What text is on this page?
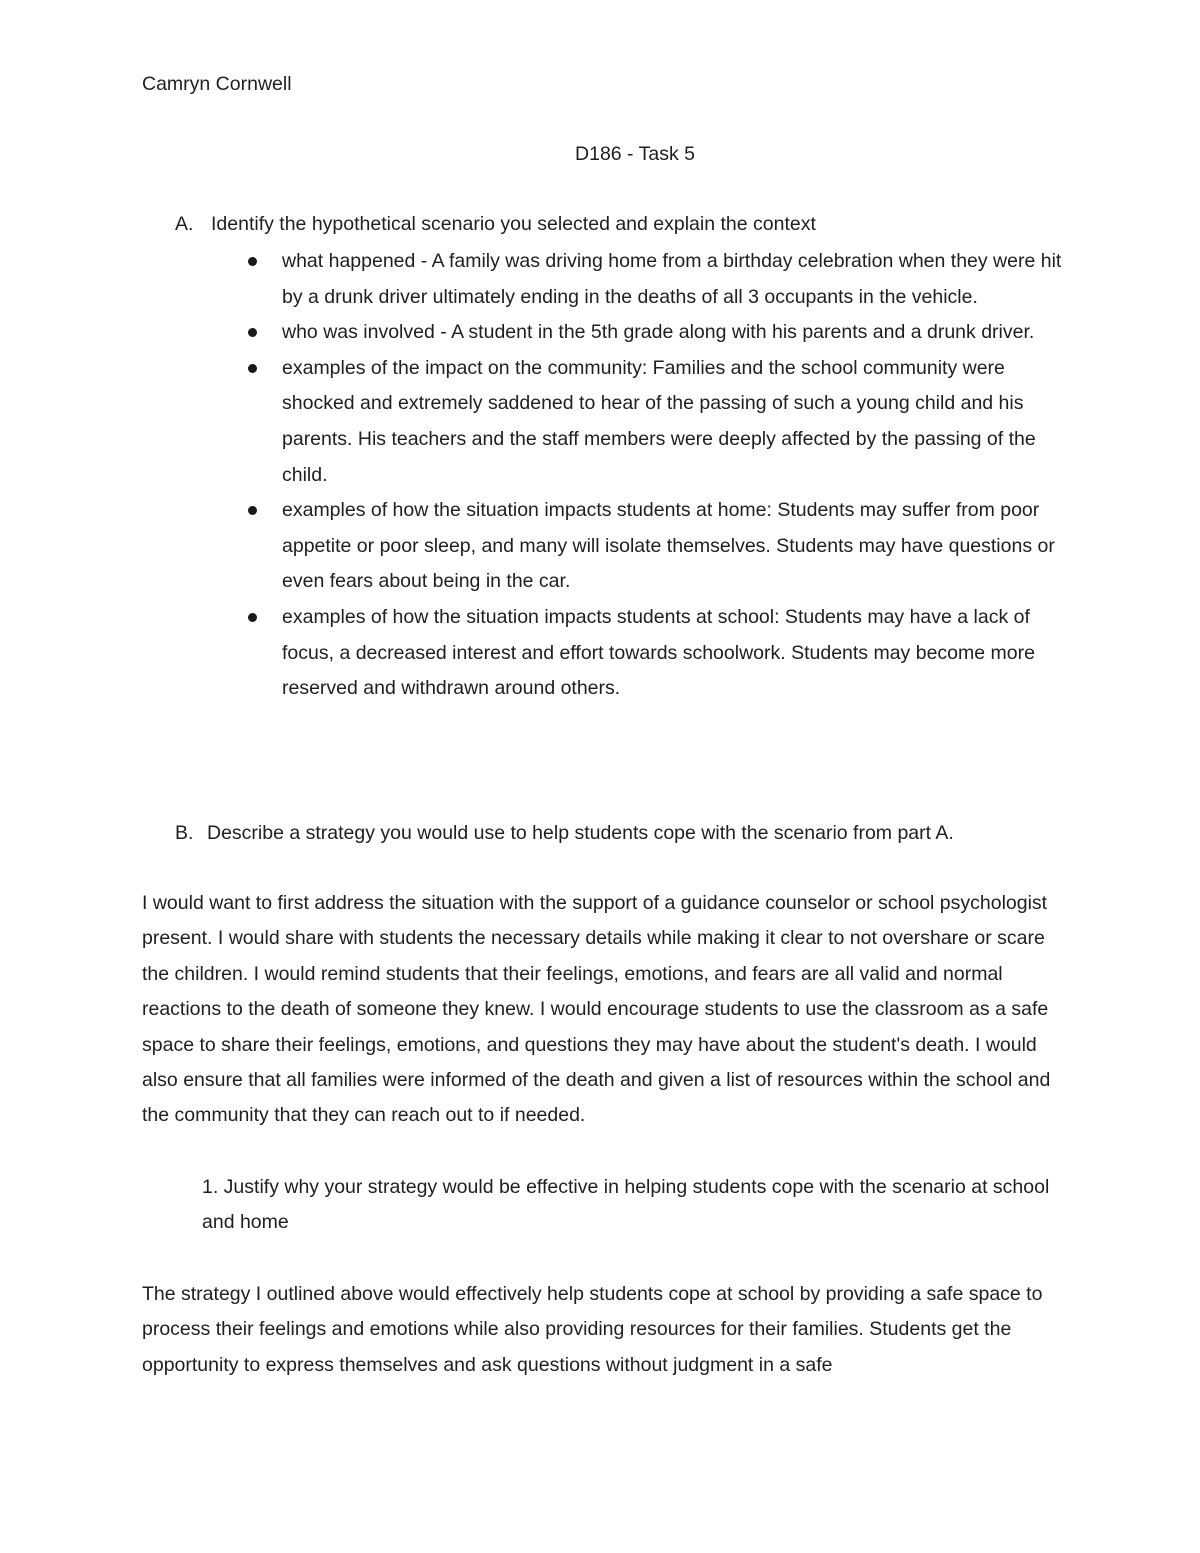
Camryn Cornwell

D186 - Task 5

A. Identify the hypothetical scenario you selected and explain the context

what happened - A family was driving home from a birthday celebration when they were hit by a drunk driver ultimately ending in the deaths of all 3 occupants in the vehicle.
who was involved - A student in the 5th grade along with his parents and a drunk driver.
examples of the impact on the community: Families and the school community were shocked and extremely saddened to hear of the passing of such a young child and his parents. His teachers and the staff members were deeply affected by the passing of the child.
examples of how the situation impacts students at home: Students may suffer from poor appetite or poor sleep, and many will isolate themselves. Students may have questions or even fears about being in the car.
examples of how the situation impacts students at school: Students may have a lack of focus, a decreased interest and effort towards schoolwork. Students may become more reserved and withdrawn around others.

B. Describe a strategy you would use to help students cope with the scenario from part A.

I would want to first address the situation with the support of a guidance counselor or school psychologist present. I would share with students the necessary details while making it clear to not overshare or scare the children. I would remind students that their feelings, emotions, and fears are all valid and normal reactions to the death of someone they knew. I would encourage students to use the classroom as a safe space to share their feelings, emotions, and questions they may have about the student's death. I would also ensure that all families were informed of the death and given a list of resources within the school and the community that they can reach out to if needed.

1. Justify why your strategy would be effective in helping students cope with the scenario at school and home

The strategy I outlined above would effectively help students cope at school by providing a safe space to process their feelings and emotions while also providing resources for their families. Students get the opportunity to express themselves and ask questions without judgment in a safe
